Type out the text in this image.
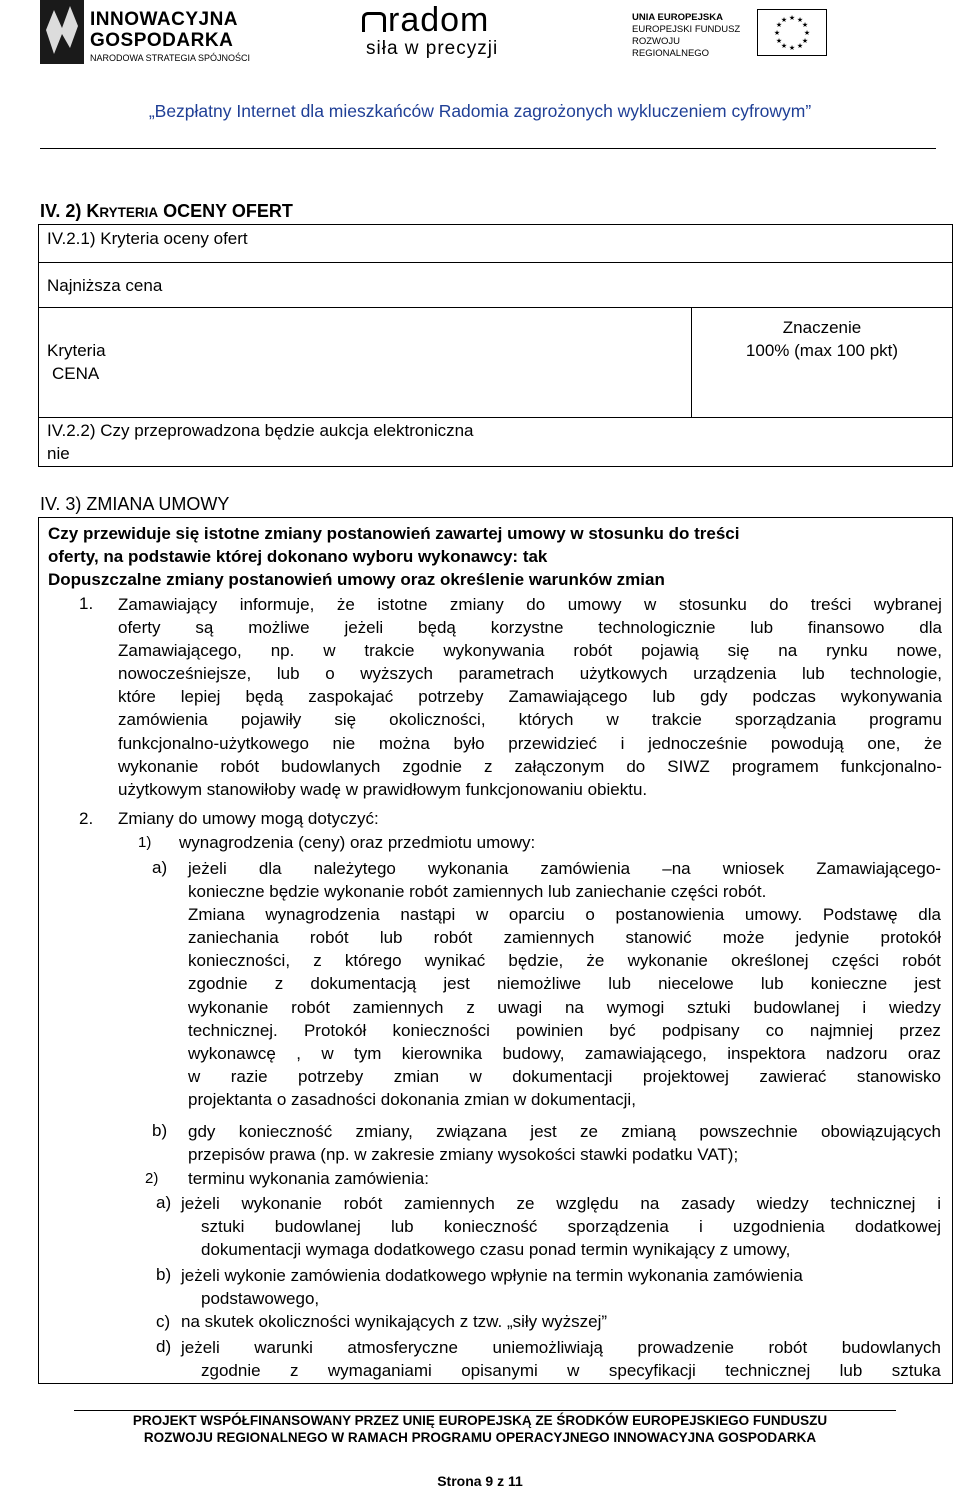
INNOWACYJNA
GOSPODARKA
NARODOWA STRATEGIA SPÓJNOŚCI
radom
siła w precyzji
UNIA EUROPEJSKA
EUROPEJSKI FUNDUSZ
ROZWOJU REGIONALNEGO
★ ★
★
★
★
★
★
★
★
★
★
★
„Bezpłatny Internet dla mieszkańców Radomia zagrożonych wykluczeniem cyfrowym”
IV. 2) KRYTERIA OCENY OFERT
IV.2.1) Kryteria oceny ofert
Najniższa cena
Kryteria
CENA
Znaczenie
100% (max 100 pkt)
IV.2.2) Czy przeprowadzona będzie aukcja elektroniczna
nie
IV. 3) ZMIANA UMOWY
Czy przewiduje się istotne zmiany postanowień zawartej umowy w stosunku do treści
oferty, na podstawie której dokonano wyboru wykonawcy: tak
Dopuszczalne zmiany postanowień umowy oraz określenie warunków zmian
1. Zamawiający informuje, że istotne zmiany do umowy w stosunku do treści wybranej
oferty są możliwe jeżeli będą korzystne technologicznie lub finansowo dla
Zamawiającego, np. w trakcie wykonywania robót pojawią się na rynku nowe,
nowocześniejsze, lub o wyższych parametrach użytkowych urządzenia lub technologie,
które lepiej będą zaspokajać potrzeby Zamawiającego lub gdy podczas wykonywania
zamówienia pojawiły się okoliczności, których w trakcie sporządzania programu
funkcjonalno-użytkowego nie można było przewidzieć i jednocześnie powodują one, że
wykonanie robót budowlanych zgodnie z załączonym do SIWZ programem funkcjonalno-
użytkowym stanowiłoby wadę w prawidłowym funkcjonowaniu obiektu.
2. Zmiany do umowy mogą dotyczyć:
1) wynagrodzenia (ceny) oraz przedmiotu umowy:
a) jeżeli dla należytego wykonania zamówienia –na wniosek Zamawiającego-
konieczne będzie wykonanie robót zamiennych lub zaniechanie części robót.
Zmiana wynagrodzenia nastąpi w oparciu o postanowienia umowy. Podstawę dla
zaniechania robót lub robót zamiennych stanowić może jedynie protokół
konieczności, z którego wynikać będzie, że wykonanie określonej części robót
zgodnie z dokumentacją jest niemożliwe lub niecelowe lub konieczne jest
wykonanie robót zamiennych z uwagi na wymogi sztuki budowlanej i wiedzy
technicznej. Protokół konieczności powinien być podpisany co najmniej przez
wykonawcę , w tym kierownika budowy, zamawiającego, inspektora nadzoru oraz
w razie potrzeby zmian w dokumentacji projektowej zawierać stanowisko
projektanta o zasadności dokonania zmian w dokumentacji,
b) gdy konieczność zmiany, związana jest ze zmianą powszechnie obowiązujących
przepisów prawa (np. w zakresie zmiany wysokości stawki podatku VAT);
2) terminu wykonania zamówienia:
a) jeżeli wykonanie robót zamiennych ze względu na zasady wiedzy technicznej i
sztuki budowlanej lub konieczność sporządzenia i uzgodnienia dodatkowej
dokumentacji wymaga dodatkowego czasu ponad termin wynikający z umowy,
b) jeżeli wykonie zamówienia dodatkowego wpłynie na termin wykonania zamówienia
podstawowego,
c) na skutek okoliczności wynikających z tzw. „siły wyższej”
d) jeżeli warunki atmosferyczne uniemożliwiają prowadzenie robót budowlanych
zgodnie z wymaganiami opisanymi w specyfikacji technicznej lub sztuka
PROJEKT WSPÓŁFINANSOWANY PRZEZ UNIĘ EUROPEJSKĄ ZE ŚRODKÓW EUROPEJSKIEGO FUNDUSZU
ROZWOJU REGIONALNEGO W RAMACH PROGRAMU OPERACYJNEGO INNOWACYJNA GOSPODARKA
Strona 9 z 11
